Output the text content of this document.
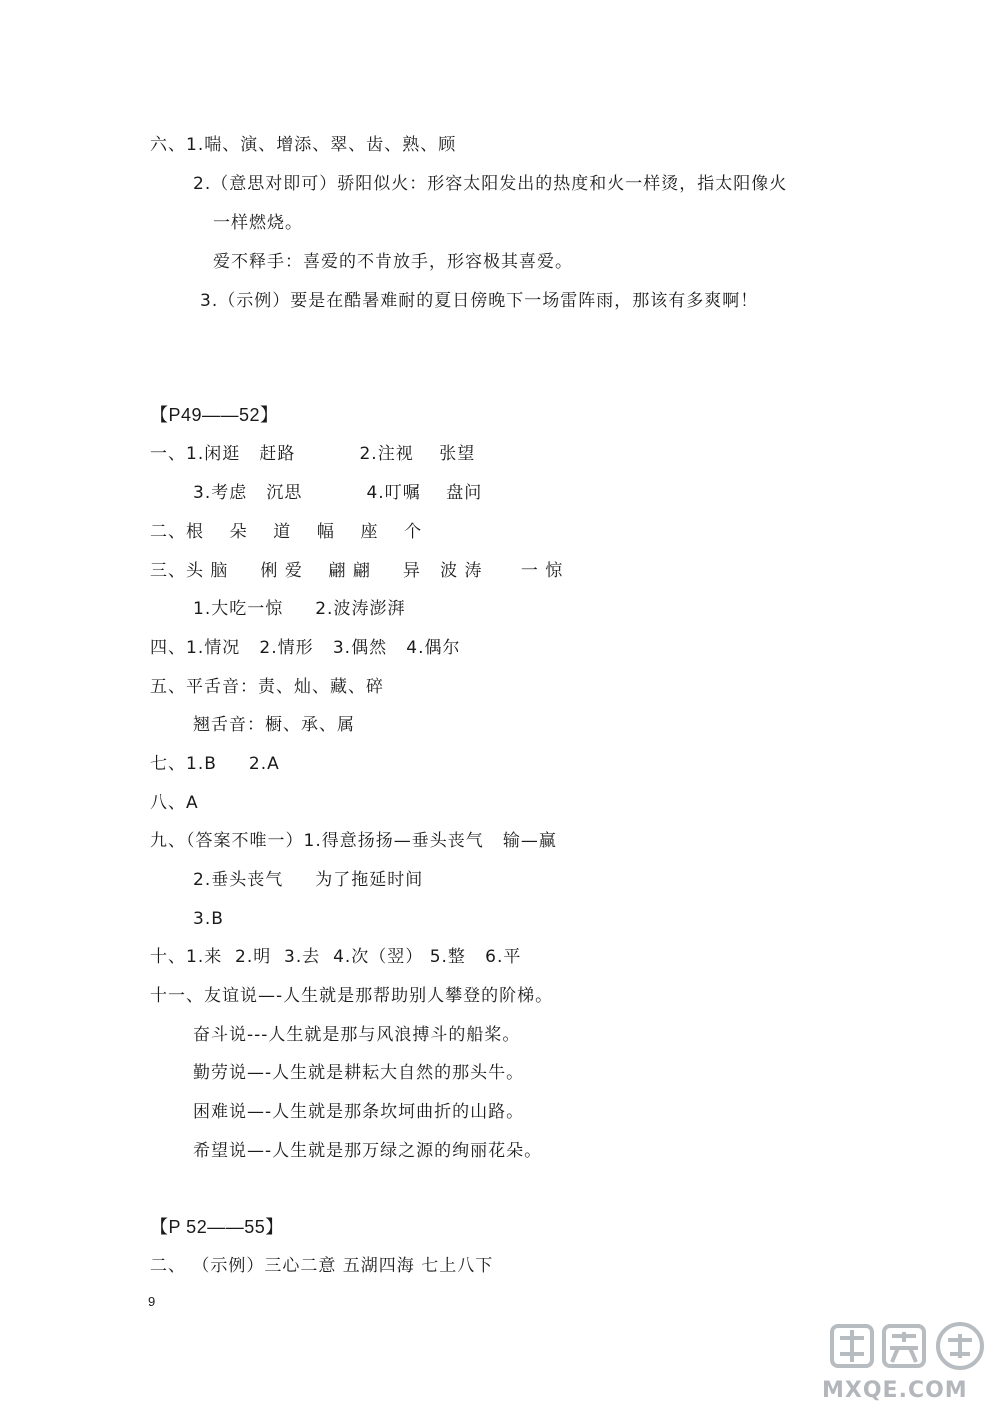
六、1.喘、演、增添、翠、齿、熟、顾
2.（意思对即可）骄阳似火：形容太阳发出的热度和火一样烫，指太阳像火
一样燃烧。
爱不释手：喜爱的不肯放手，形容极其喜爱。
3.（示例）要是在酷暑难耐的夏日傍晚下一场雷阵雨，那该有多爽啊！
【P49——52】
一、1.闲逛   赶路          2.注视    张望
3.考虑   沉思          4.叮嘱    盘问
二、根    朵    道    幅    座    个
三、头 脑     俐 爱    翩 翩     异   波 涛      一 惊
1.大吃一惊     2.波涛澎湃
四、1.情况   2.情形   3.偶然   4.偶尔
五、平舌音：责、灿、藏、碎
翘舌音：橱、承、属
七、1.B     2.A
八、A
九、（答案不唯一）1.得意扬扬—垂头丧气   输—赢
2.垂头丧气     为了拖延时间
3.B
十、1.来  2.明  3.去  4.次（翌） 5.整   6.平
十一、友谊说—-人生就是那帮助别人攀登的阶梯。
奋斗说---人生就是那与风浪搏斗的船桨。
勤劳说—-人生就是耕耘大自然的那头牛。
困难说—-人生就是那条坎坷曲折的山路。
希望说—-人生就是那万绿之源的绚丽花朵。
【P 52——55】
二、 （示例）三心二意 五湖四海 七上八下
9
MXQE.COM
